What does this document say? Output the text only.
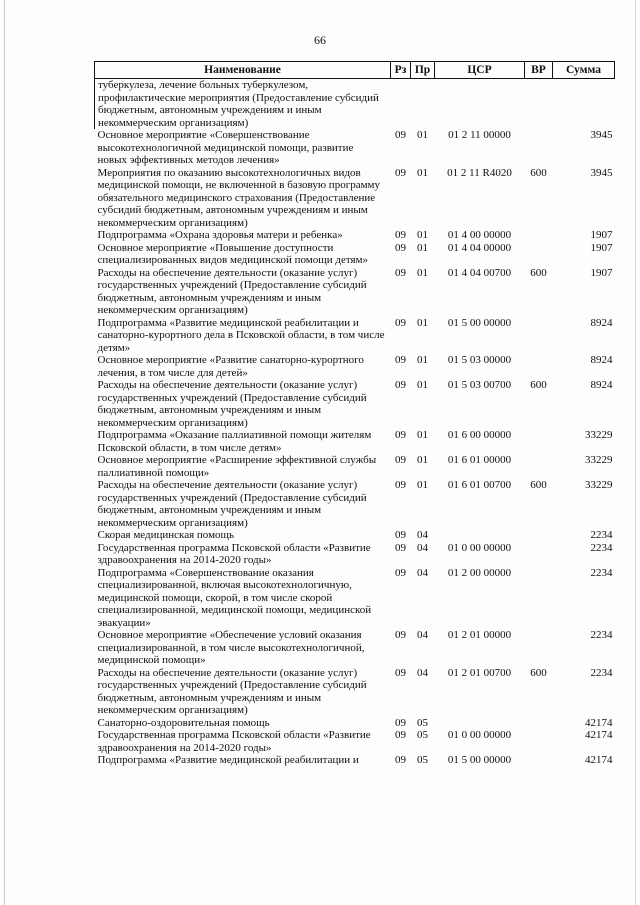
66
Наименование	Рз	Пр	ЦСР	ВР	Сумма
туберкулеза, лечение больных туберкулезом, профилактические мероприятия (Предоставление субсидий бюджетным, автономным учреждениям и иным некоммерческим организациям)					
Основное мероприятие «Совершенствование высокотехнологичной медицинской помощи, развитие новых эффективных методов лечения»	09	01	01 2 11 00000		3945
Мероприятия по оказанию высокотехнологичных видов медицинской помощи, не включенной в базовую программу обязательного медицинского страхования (Предоставление субсидий бюджетным, автономным учреждениям и иным некоммерческим организациям)	09	01	01 2 11 R4020	600	3945
Подпрограмма «Охрана здоровья матери и ребенка»	09	01	01 4 00 00000		1907
Основное мероприятие «Повышение доступности специализированных видов медицинской помощи детям»	09	01	01 4 04 00000		1907
Расходы на обеспечение деятельности (оказание услуг) государственных учреждений (Предоставление субсидий бюджетным, автономным учреждениям и иным некоммерческим организациям)	09	01	01 4 04 00700	600	1907
Подпрограмма «Развитие медицинской реабилитации и санаторно-курортного дела в Псковской области, в том числе детям»	09	01	01 5 00 00000		8924
Основное мероприятие «Развитие санаторно-курортного лечения, в том числе для детей»	09	01	01 5 03 00000		8924
Расходы на обеспечение деятельности (оказание услуг) государственных учреждений (Предоставление субсидий бюджетным, автономным учреждениям и иным некоммерческим организациям)	09	01	01 5 03 00700	600	8924
Подпрограмма «Оказание паллиативной помощи жителям Псковской области, в том числе детям»	09	01	01 6 00 00000		33229
Основное мероприятие «Расширение эффективной службы паллиативной помощи»	09	01	01 6 01 00000		33229
Расходы на обеспечение деятельности (оказание услуг) государственных учреждений (Предоставление субсидий бюджетным, автономным учреждениям и иным некоммерческим организациям)	09	01	01 6 01 00700	600	33229
Скорая медицинская помощь	09	04			2234
Государственная программа Псковской области «Развитие здравоохранения на 2014-2020 годы»	09	04	01 0 00 00000		2234
Подпрограмма «Совершенствование оказания специализированной, включая высокотехнологичную, медицинской помощи, скорой, в том числе скорой специализированной, медицинской помощи, медицинской эвакуации»	09	04	01 2 00 00000		2234
Основное мероприятие «Обеспечение условий оказания специализированной, в том числе высокотехнологичной, медицинской помощи»	09	04	01 2 01 00000		2234
Расходы на обеспечение деятельности (оказание услуг) государственных учреждений (Предоставление субсидий бюджетным, автономным учреждениям и иным некоммерческим организациям)	09	04	01 2 01 00700	600	2234
Санаторно-оздоровительная помощь	09	05			42174
Государственная программа Псковской области «Развитие здравоохранения на 2014-2020 годы»	09	05	01 0 00 00000		42174
Подпрограмма «Развитие медицинской реабилитации и	09	05	01 5 00 00000		42174
